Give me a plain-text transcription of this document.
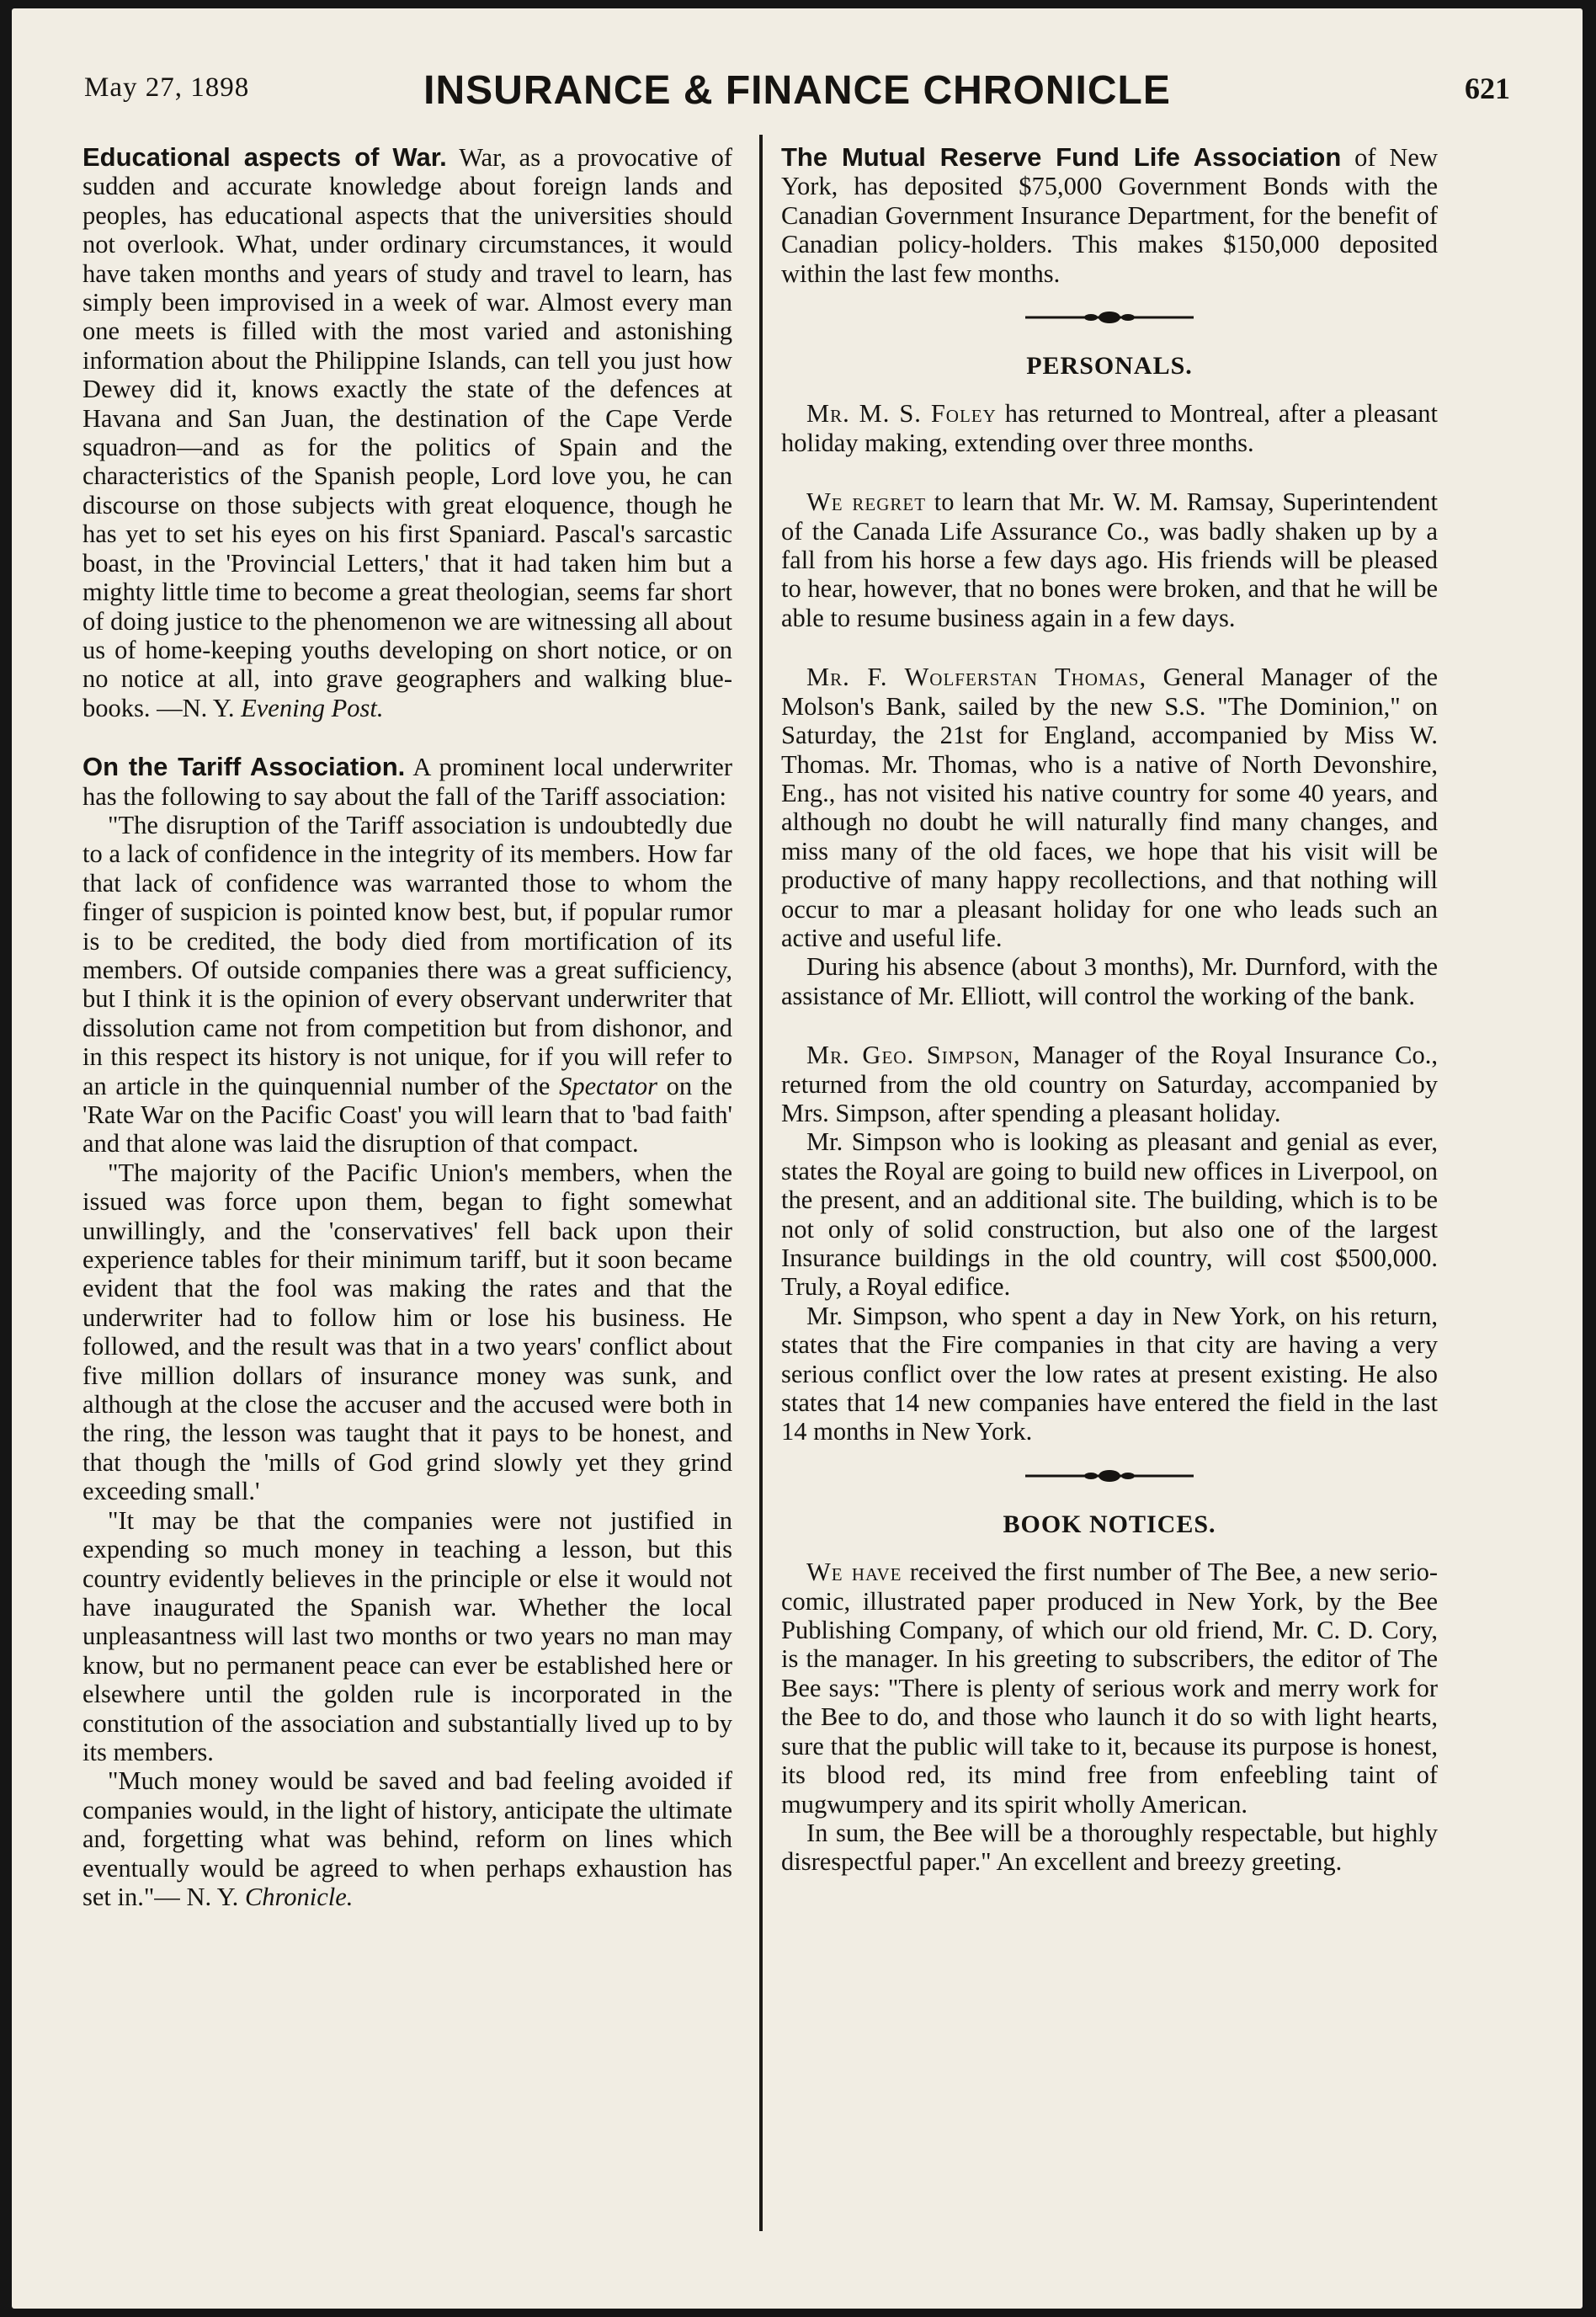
May 27, 1898	INSURANCE & FINANCE CHRONICLE	621

Educational aspects of War. War, as a provocative of sudden and accurate knowledge about foreign lands and peoples, has educational aspects that the universities should not overlook. What, under ordinary circumstances, it would have taken months and years of study and travel to learn, has simply been improvised in a week of war. Almost every man one meets is filled with the most varied and astonishing information about the Philippine Islands, can tell you just how Dewey did it, knows exactly the state of the defences at Havana and San Juan, the destination of the Cape Verde squadron—and as for the politics of Spain and the characteristics of the Spanish people, Lord love you, he can discourse on those subjects with great eloquence, though he has yet to set his eyes on his first Spaniard. Pascal's sarcastic boast, in the 'Provincial Letters,' that it had taken him but a mighty little time to become a great theologian, seems far short of doing justice to the phenomenon we are witnessing all about us of home-keeping youths developing on short notice, or on no notice at all, into grave geographers and walking blue-books. —N. Y. Evening Post.

On the Tariff Association. A prominent local underwriter has the following to say about the fall of the Tariff association:

"The disruption of the Tariff association is undoubtedly due to a lack of confidence in the integrity of its members. How far that lack of confidence was warranted those to whom the finger of suspicion is pointed know best, but, if popular rumor is to be credited, the body died from mortification of its members. Of outside companies there was a great sufficiency, but I think it is the opinion of every observant underwriter that dissolution came not from competition but from dishonor, and in this respect its history is not unique, for if you will refer to an article in the quinquennial number of the Spectator on the 'Rate War on the Pacific Coast' you will learn that to 'bad faith' and that alone was laid the disruption of that compact.

"The majority of the Pacific Union's members, when the issued was force upon them, began to fight somewhat unwillingly, and the 'conservatives' fell back upon their experience tables for their minimum tariff, but it soon became evident that the fool was making the rates and that the underwriter had to follow him or lose his business. He followed, and the result was that in a two years' conflict about five million dollars of insurance money was sunk, and although at the close the accuser and the accused were both in the ring, the lesson was taught that it pays to be honest, and that though the 'mills of God grind slowly yet they grind exceeding small.'

"It may be that the companies were not justified in expending so much money in teaching a lesson, but this country evidently believes in the principle or else it would not have inaugurated the Spanish war. Whether the local unpleasantness will last two months or two years no man may know, but no permanent peace can ever be established here or elsewhere until the golden rule is incorporated in the constitution of the association and substantially lived up to by its members.

"Much money would be saved and bad feeling avoided if companies would, in the light of history, anticipate the ultimate and, forgetting what was behind, reform on lines which eventually would be agreed to when perhaps exhaustion has set in."— N. Y. Chronicle.

The Mutual Reserve Fund Life Association of New York, has deposited $75,000 Government Bonds with the Canadian Government Insurance Department, for the benefit of Canadian policy-holders. This makes $150,000 deposited within the last few months.

PERSONALS.

Mr. M. S. Foley has returned to Montreal, after a pleasant holiday making, extending over three months.

We regret to learn that Mr. W. M. Ramsay, Superintendent of the Canada Life Assurance Co., was badly shaken up by a fall from his horse a few days ago. His friends will be pleased to hear, however, that no bones were broken, and that he will be able to resume business again in a few days.

Mr. F. Wolferstan Thomas, General Manager of the Molson's Bank, sailed by the new S.S. "The Dominion," on Saturday, the 21st for England, accompanied by Miss W. Thomas. Mr. Thomas, who is a native of North Devonshire, Eng., has not visited his native country for some 40 years, and although no doubt he will naturally find many changes, and miss many of the old faces, we hope that his visit will be productive of many happy recollections, and that nothing will occur to mar a pleasant holiday for one who leads such an active and useful life.

During his absence (about 3 months), Mr. Durnford, with the assistance of Mr. Elliott, will control the working of the bank.

Mr. Geo. Simpson, Manager of the Royal Insurance Co., returned from the old country on Saturday, accompanied by Mrs. Simpson, after spending a pleasant holiday.

Mr. Simpson who is looking as pleasant and genial as ever, states the Royal are going to build new offices in Liverpool, on the present, and an additional site. The building, which is to be not only of solid construction, but also one of the largest Insurance buildings in the old country, will cost $500,000. Truly, a Royal edifice.

Mr. Simpson, who spent a day in New York, on his return, states that the Fire companies in that city are having a very serious conflict over the low rates at present existing. He also states that 14 new companies have entered the field in the last 14 months in New York.

BOOK NOTICES.

We have received the first number of The Bee, a new serio-comic, illustrated paper produced in New York, by the Bee Publishing Company, of which our old friend, Mr. C. D. Cory, is the manager. In his greeting to subscribers, the editor of The Bee says: "There is plenty of serious work and merry work for the Bee to do, and those who launch it do so with light hearts, sure that the public will take to it, because its purpose is honest, its blood red, its mind free from enfeebling taint of mugwumpery and its spirit wholly American.

In sum, the Bee will be a thoroughly respectable, but highly disrespectful paper." An excellent and breezy greeting.
